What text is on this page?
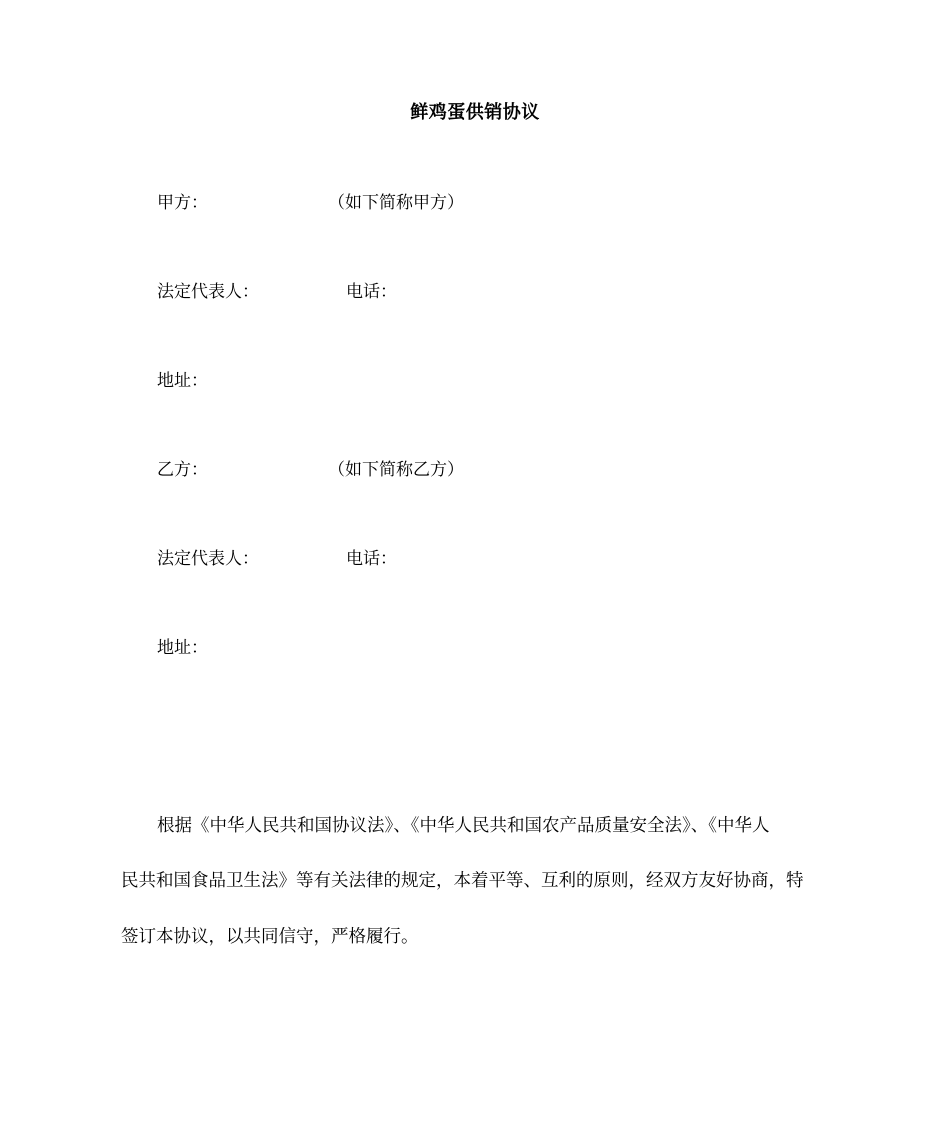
鲜鸡蛋供销协议
甲方：	（如下简称甲方）
法定代表人：	电话：
地址：
乙方：	（如下简称乙方）
法定代表人：	电话：
地址：
根据《中华人民共和国协议法》、《中华人民共和国农产品质量安全法》、《中华人
民共和国食品卫生法》等有关法律的规定，本着平等、互利的原则，经双方友好协商，特
签订本协议，以共同信守，严格履行。
